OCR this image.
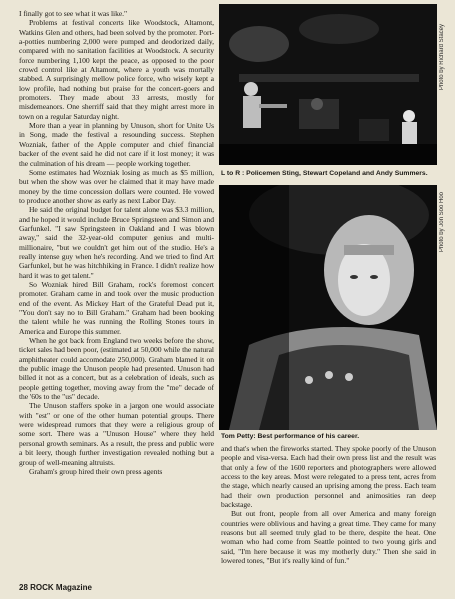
I finally got to see what it was like."

Problems at festival concerts like Woodstock, Altamont, Watkins Glen and others, had been solved by the promoter. Port-a-potties numbering 2,000 were pumped and deodorized daily, compared with no sanitation facilities at Woodstock. A security force numbering 1,100 kept the peace, as opposed to the poor crowd control like at Altamont, where a youth was mortally stabbed. A surprisingly mellow police force, who wisely kept a low profile, had nothing but praise for the concert-goers and promoters. They made about 33 arrests, mostly for misdemeanors. One sherriff said that they might arrest more in town on a regular Saturday night.

More than a year in planning by Unuson, short for Unite Us in Song, made the festival a resounding success. Stephen Wozniak, father of the Apple computer and chief financial backer of the event said he did not care if it lost money; it was the culmination of his dream — people working together.

Some estimates had Wozniak losing as much as $5 million, but when the show was over he claimed that it may have made money by the time concession dollars were counted. He vowed to produce another show as early as next Labor Day.

He said the original budget for talent alone was $3.3 million, and he hoped it would include Bruce Springsteen and Simon and Garfunkel. "I saw Springsteen in Oakland and I was blown away," said the 32-year-old computer genius and multi-millionaire, "but we couldn't get him out of the studio. He's a really intense guy when he's recording. And we tried to find Art Garfunkel, but he was hitchhiking in France. I didn't realize how hard it was to get talent."

So Wozniak hired Bill Graham, rock's foremost concert promoter. Graham came in and took over the music production end of the event. As Mickey Hart of the Grateful Dead put it, "You don't say no to Bill Graham." Graham had been booking the talent while he was running the Rolling Stones tours in America and Europe this summer.

When he got back from England two weeks before the show, ticket sales had been poor, (estimated at 50,000 while the natural amphitheater could accomodate 250,000). Graham blamed it on the public image the Unuson people had presented. Unuson had billed it not as a concert, but as a celebration of ideals, such as people getting together, moving away from the "me" decade of the '60s to the "us" decade.

The Unuson staffers spoke in a jargon one would associate with "est" or one of the other human potential groups. There were widespread rumors that they were a religious group of some sort. There was a "Unuson House" where they held personal growth seminars. As a result, the press and public were a bit leery, though further investigation revealed nothing but a group of well-meaning altruists.

Graham's group hired their own press agents

Photo by Richard Stacey
L to R : Policemen Sting, Stewart Copeland and Andy Summers.
Photo by Jon Soo Hoo
Tom Petty: Best performance of his career.

and that's when the fireworks started. They spoke poorly of the Unuson people and visa-versa. Each had their own press list and the result was that only a few of the 1600 reporters and photographers were allowed access to the key areas. Most were relegated to a press tent, acres from the stage, which nearly caused an uprising among the press. Each team had their own production personnel and animosities ran deep backstage.

But out front, people from all over America and many foreign countries were oblivious and having a great time. They came for many reasons but all seemed truly glad to be there, despite the heat. One woman who had come from Seattle pointed to two young girls and said, "I'm here because it was my motherly duty." Then she said in lowered tones, "But it's really kind of fun."

28 ROCK Magazine
